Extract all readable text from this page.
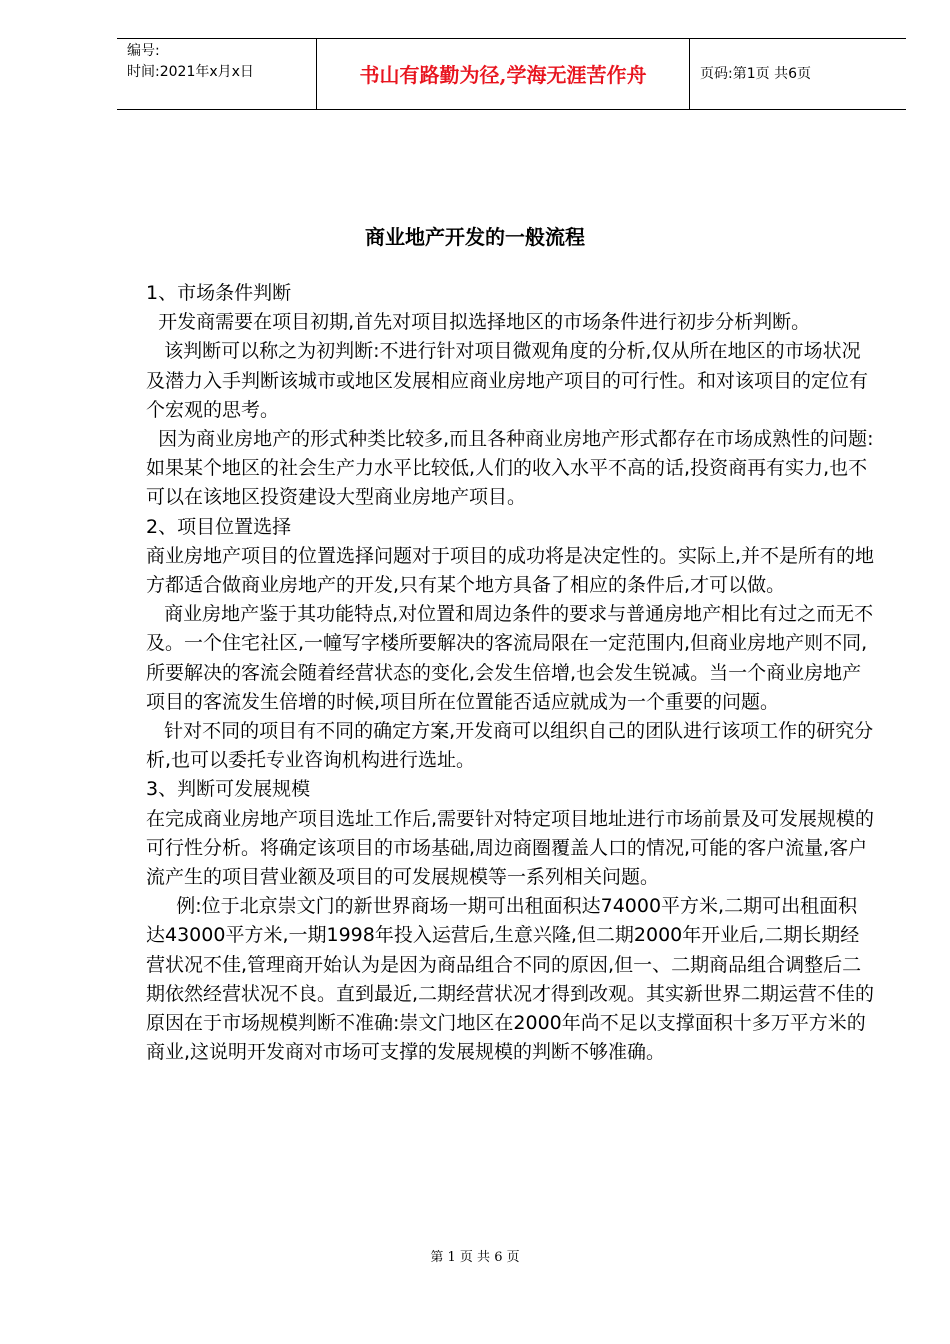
编号:
时间:2021年x月x日	书山有路勤为径,学海无涯苦作舟	页码:第1页 共6页
商业地产开发的一般流程

1、市场条件判断

开发商需要在项目初期,首先对项目拟选择地区的市场条件进行初步分析判断。

该判断可以称之为初判断:不进行针对项目微观角度的分析,仅从所在地区的市场状况及潜力入手判断该城市或地区发展相应商业房地产项目的可行性。和对该项目的定位有个宏观的思考。

因为商业房地产的形式种类比较多,而且各种商业房地产形式都存在市场成熟性的问题:如果某个地区的社会生产力水平比较低,人们的收入水平不高的话,投资商再有实力,也不可以在该地区投资建设大型商业房地产项目。

2、项目位置选择

商业房地产项目的位置选择问题对于项目的成功将是决定性的。实际上,并不是所有的地方都适合做商业房地产的开发,只有某个地方具备了相应的条件后,才可以做。

商业房地产鉴于其功能特点,对位置和周边条件的要求与普通房地产相比有过之而无不及。一个住宅社区,一幢写字楼所要解决的客流局限在一定范围内,但商业房地产则不同,所要解决的客流会随着经营状态的变化,会发生倍增,也会发生锐减。当一个商业房地产项目的客流发生倍增的时候,项目所在位置能否适应就成为一个重要的问题。

针对不同的项目有不同的确定方案,开发商可以组织自己的团队进行该项工作的研究分析,也可以委托专业咨询机构进行选址。

3、判断可发展规模

在完成商业房地产项目选址工作后,需要针对特定项目地址进行市场前景及可发展规模的可行性分析。将确定该项目的市场基础,周边商圈覆盖人口的情况,可能的客户流量,客户流产生的项目营业额及项目的可发展规模等一系列相关问题。

例:位于北京崇文门的新世界商场一期可出租面积达74000平方米,二期可出租面积达43000平方米,一期1998年投入运营后,生意兴隆,但二期2000年开业后,二期长期经营状况不佳,管理商开始认为是因为商品组合不同的原因,但一、二期商品组合调整后二期依然经营状况不良。直到最近,二期经营状况才得到改观。其实新世界二期运营不佳的原因在于市场规模判断不准确:崇文门地区在2000年尚不足以支撑面积十多万平方米的商业,这说明开发商对市场可支撑的发展规模的判断不够准确。

第 1 页 共 6 页
